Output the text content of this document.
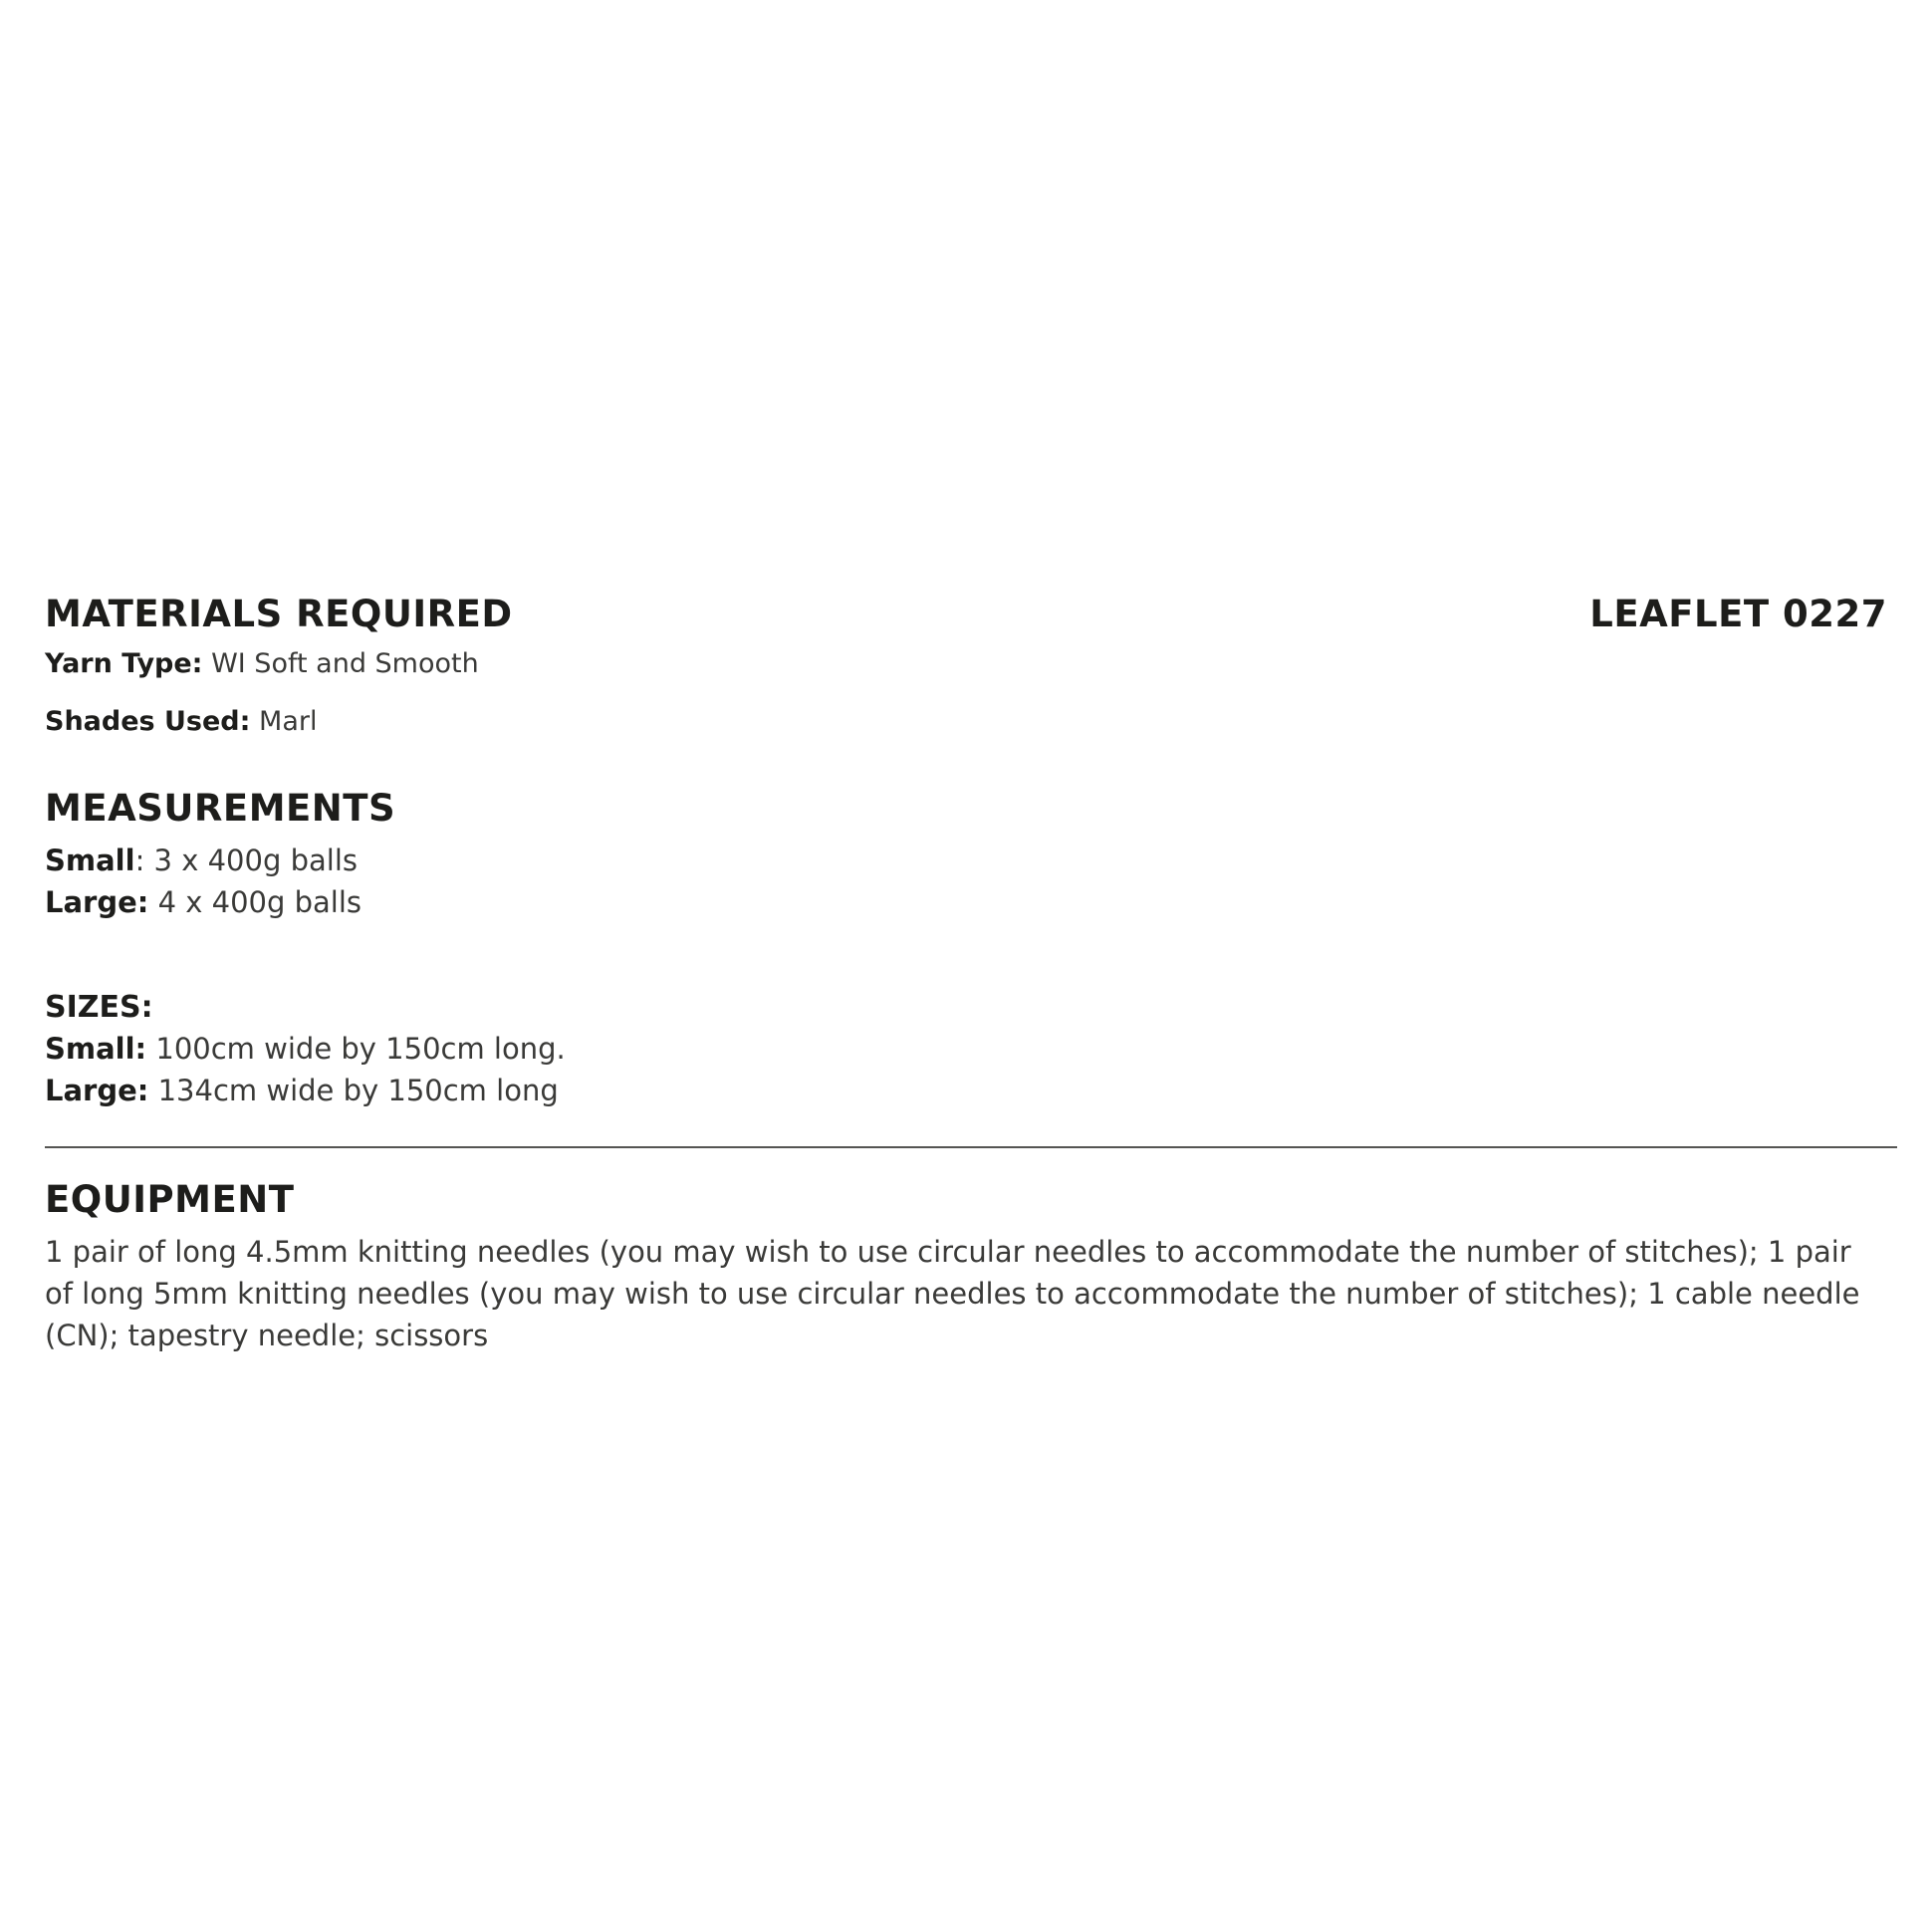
MATERIALS REQUIRED	LEAFLET 0227
Yarn Type: WI Soft and Smooth
Shades Used: Marl
MEASUREMENTS
Small: 3 x 400g balls
Large: 4 x 400g balls
SIZES:
Small: 100cm wide by 150cm long.
Large: 134cm wide by 150cm long
EQUIPMENT
1 pair of long 4.5mm knitting needles (you may wish to use circular needles to accommodate the number of stitches); 1 pair of long 5mm knitting needles (you may wish to use circular needles to accommodate the number of stitches); 1 cable needle (CN); tapestry needle; scissors
